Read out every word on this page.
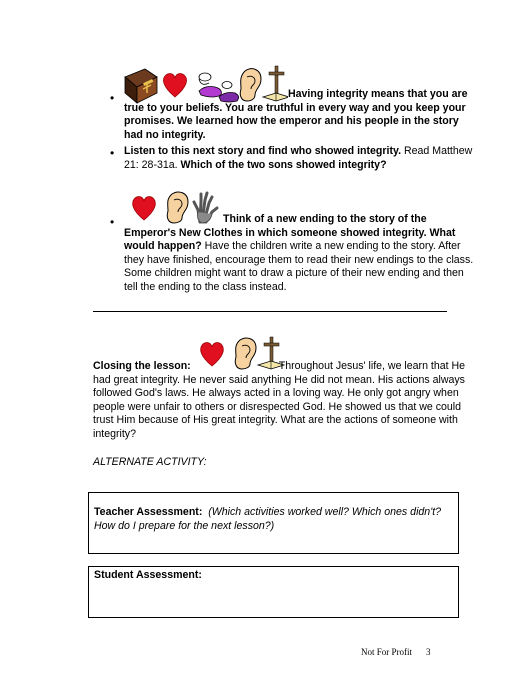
•	Having integrity means that you are true to your beliefs. You are truthful in every way and you keep your promises. We learned how the emperor and his people in the story had no integrity.
• Listen to this next story and find who showed integrity. Read Matthew 21: 28-31a. Which of the two sons showed integrity?
•	Think of a new ending to the story of the Emperor's New Clothes in which someone showed integrity. What would happen? Have the children write a new ending to the story. After they have finished, encourage them to read their new endings to the class. Some children might want to draw a picture of their new ending and then tell the ending to the class instead.
Closing the lesson:	Throughout Jesus' life, we learn that He had great integrity. He never said anything He did not mean. His actions always followed God's laws. He always acted in a loving way. He only got angry when people were unfair to others or disrespected God. He showed us that we could trust Him because of His great integrity. What are the actions of someone with integrity?
ALTERNATE ACTIVITY:
Teacher Assessment: (Which activities worked well? Which ones didn't? How do I prepare for the next lesson?)
Student Assessment:
Not For Profit 3
